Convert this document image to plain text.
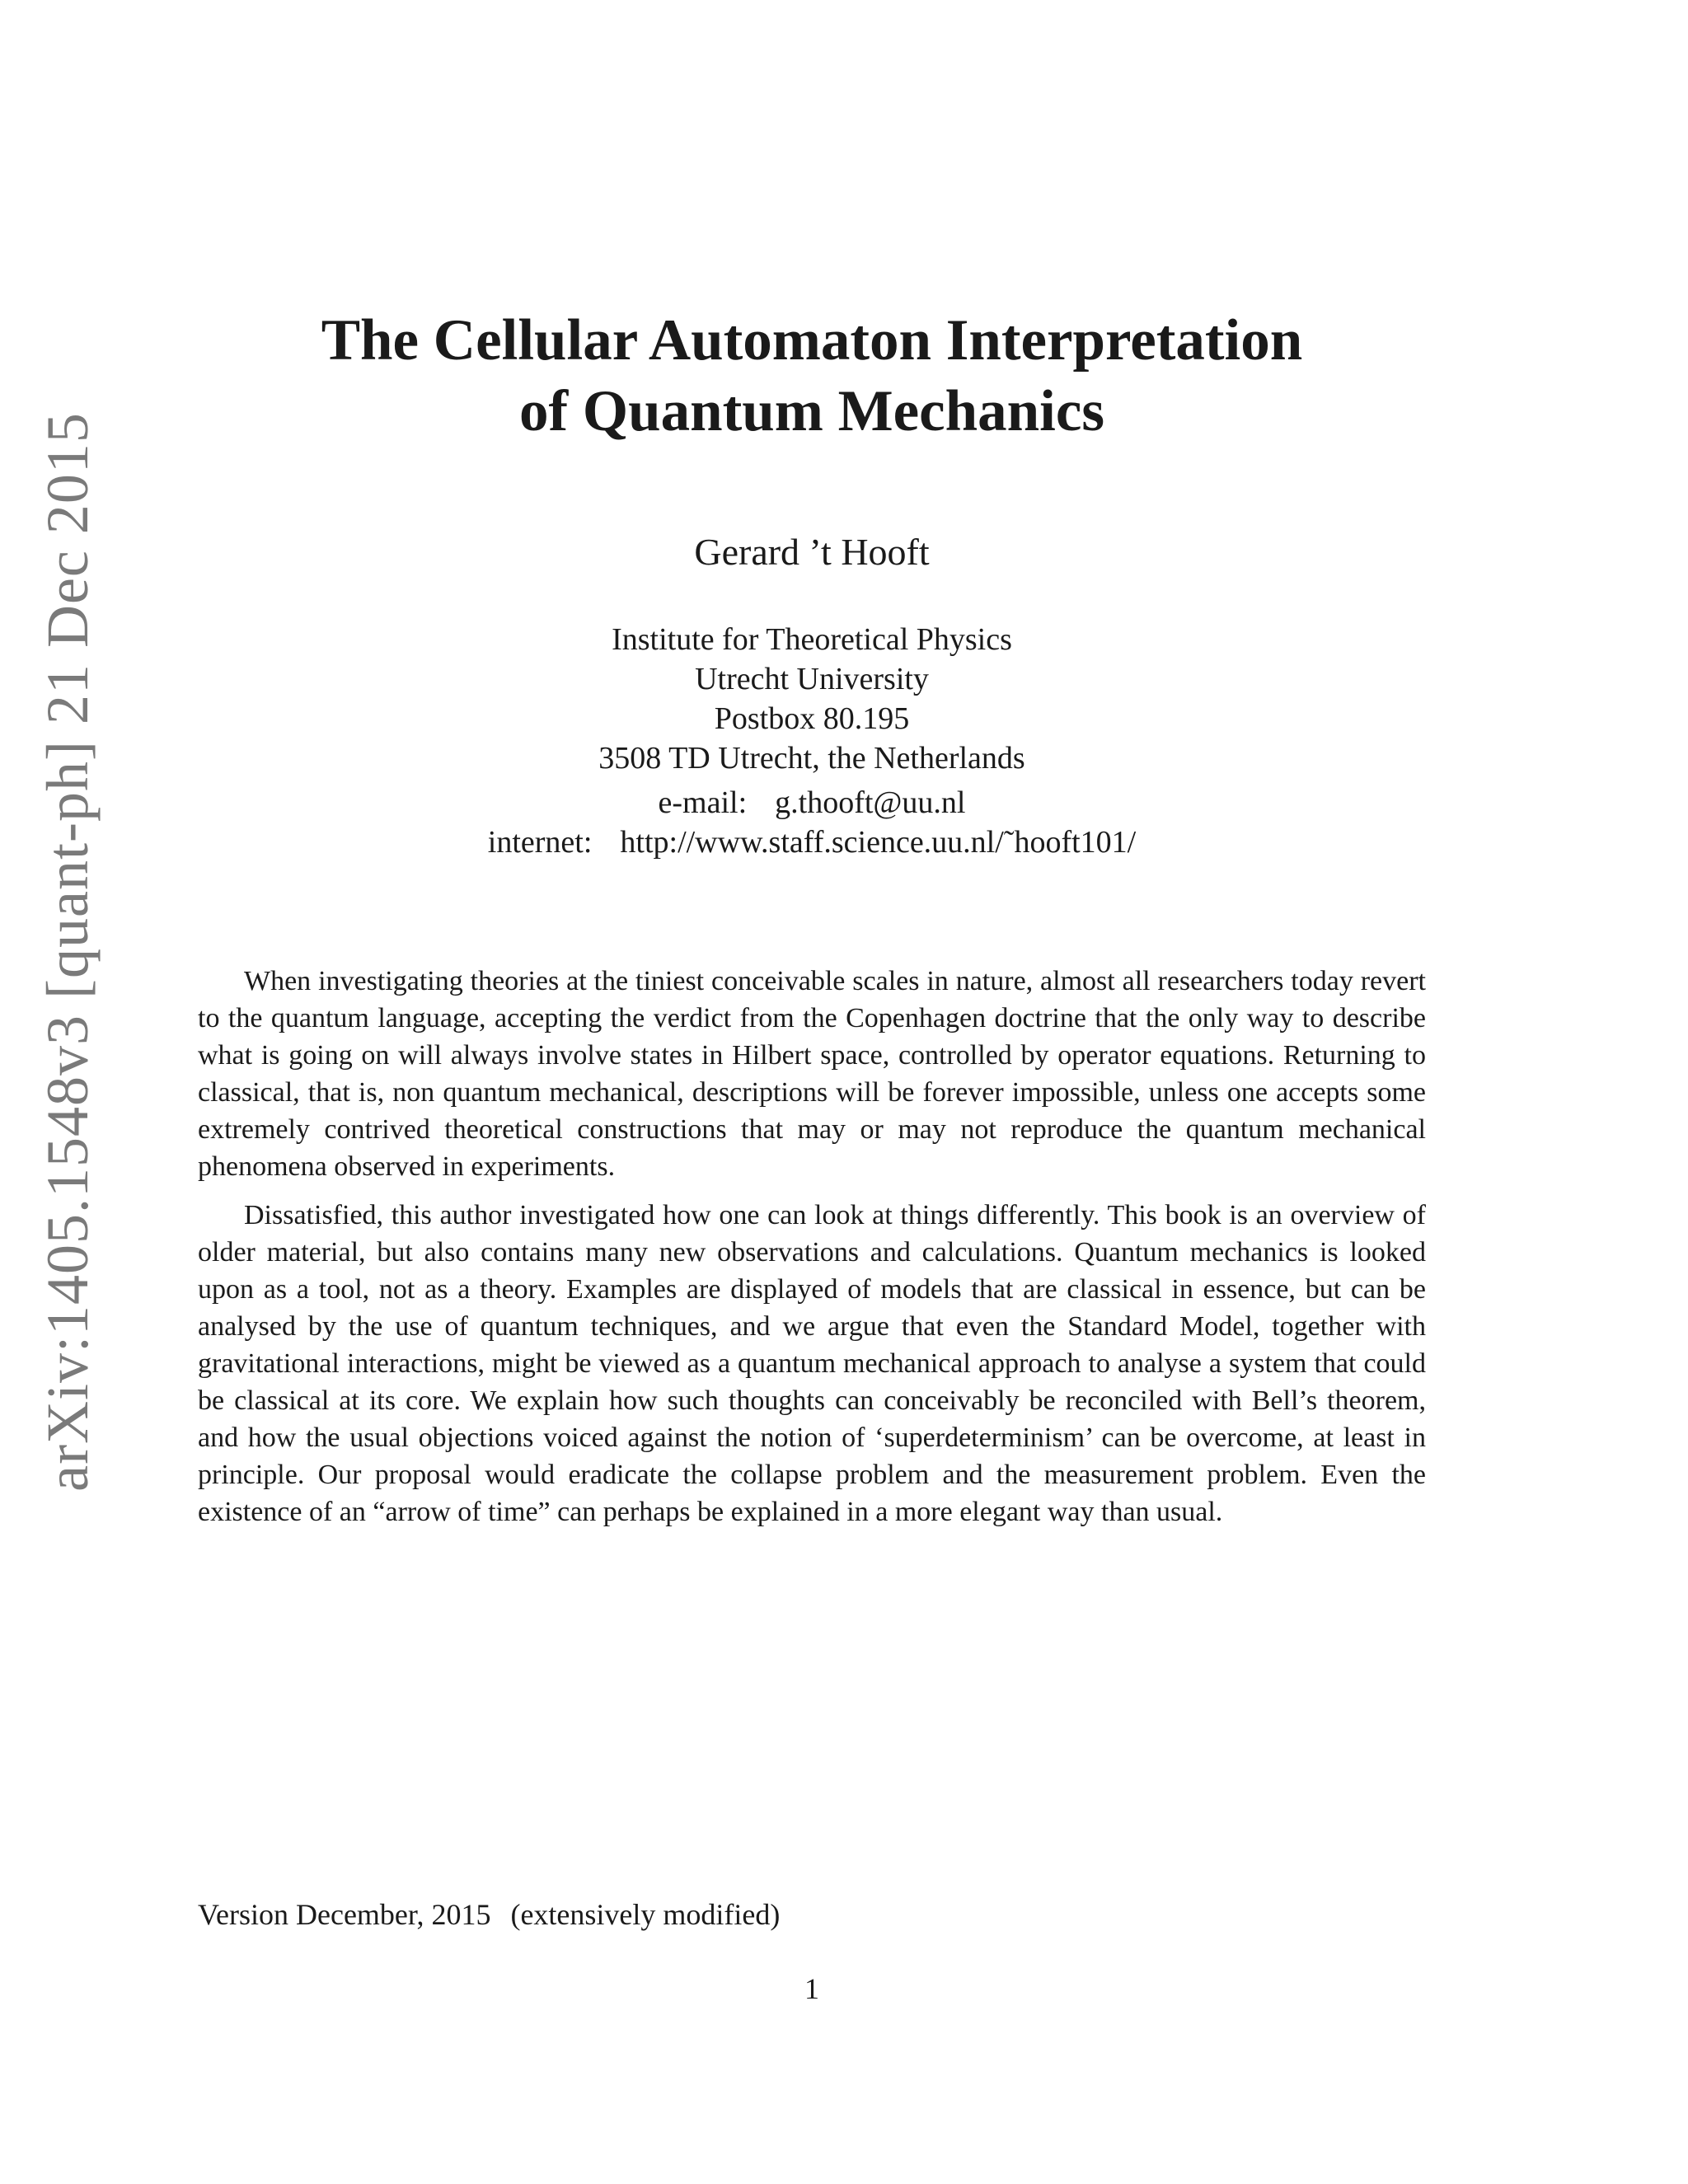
arXiv:1405.1548v3 [quant-ph] 21 Dec 2015
The Cellular Automaton Interpretation
of Quantum Mechanics
Gerard ’t Hooft
Institute for Theoretical Physics
Utrecht University
Postbox 80.195
3508 TD Utrecht, the Netherlands
e-mail: g.thooft@uu.nl
internet: http://www.staff.science.uu.nl/˜hooft101/

When investigating theories at the tiniest conceivable scales in nature, almost all researchers today revert to the quantum language, accepting the verdict from the Copenhagen doctrine that the only way to describe what is going on will always involve states in Hilbert space, controlled by operator equations. Returning to classical, that is, non quantum mechanical, descriptions will be forever impossible, unless one accepts some extremely contrived theoretical constructions that may or may not reproduce the quantum mechanical phenomena observed in experiments.

Dissatisfied, this author investigated how one can look at things differently. This book is an overview of older material, but also contains many new observations and calculations. Quantum mechanics is looked upon as a tool, not as a theory. Examples are displayed of models that are classical in essence, but can be analysed by the use of quantum techniques, and we argue that even the Standard Model, together with gravitational interactions, might be viewed as a quantum mechanical approach to analyse a system that could be classical at its core. We explain how such thoughts can conceivably be reconciled with Bell’s theorem, and how the usual objections voiced against the notion of ‘superdeterminism’ can be overcome, at least in principle. Our proposal would eradicate the collapse problem and the measurement problem. Even the existence of an “arrow of time” can perhaps be explained in a more elegant way than usual.

Version December, 2015 (extensively modified)
1
